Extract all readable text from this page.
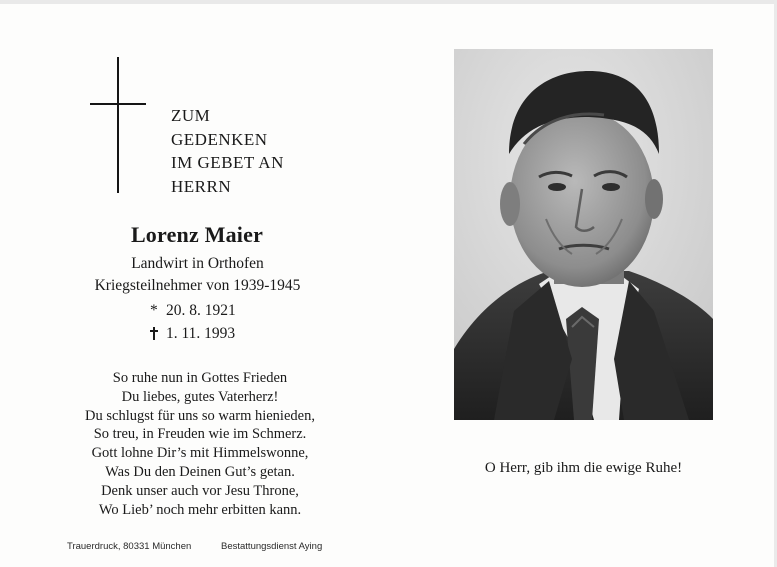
ZUM
GEDENKEN
IM GEBET AN
HERRN
Lorenz Maier
Landwirt in Orthofen
Kriegsteilnehmer von 1939-1945
* 20. 8. 1921
1. 11. 1993
So ruhe nun in Gottes Frieden
Du liebes, gutes Vaterherz!
Du schlugst für uns so warm hienieden,
So treu, in Freuden wie im Schmerz.
Gott lohne Dir’s mit Himmelswonne,
Was Du den Deinen Gut’s getan.
Denk unser auch vor Jesu Throne,
Wo Lieb’ noch mehr erbitten kann.
Trauerdruck, 80331 München	Bestattungsdienst Aying
O Herr, gib ihm die ewige Ruhe!
